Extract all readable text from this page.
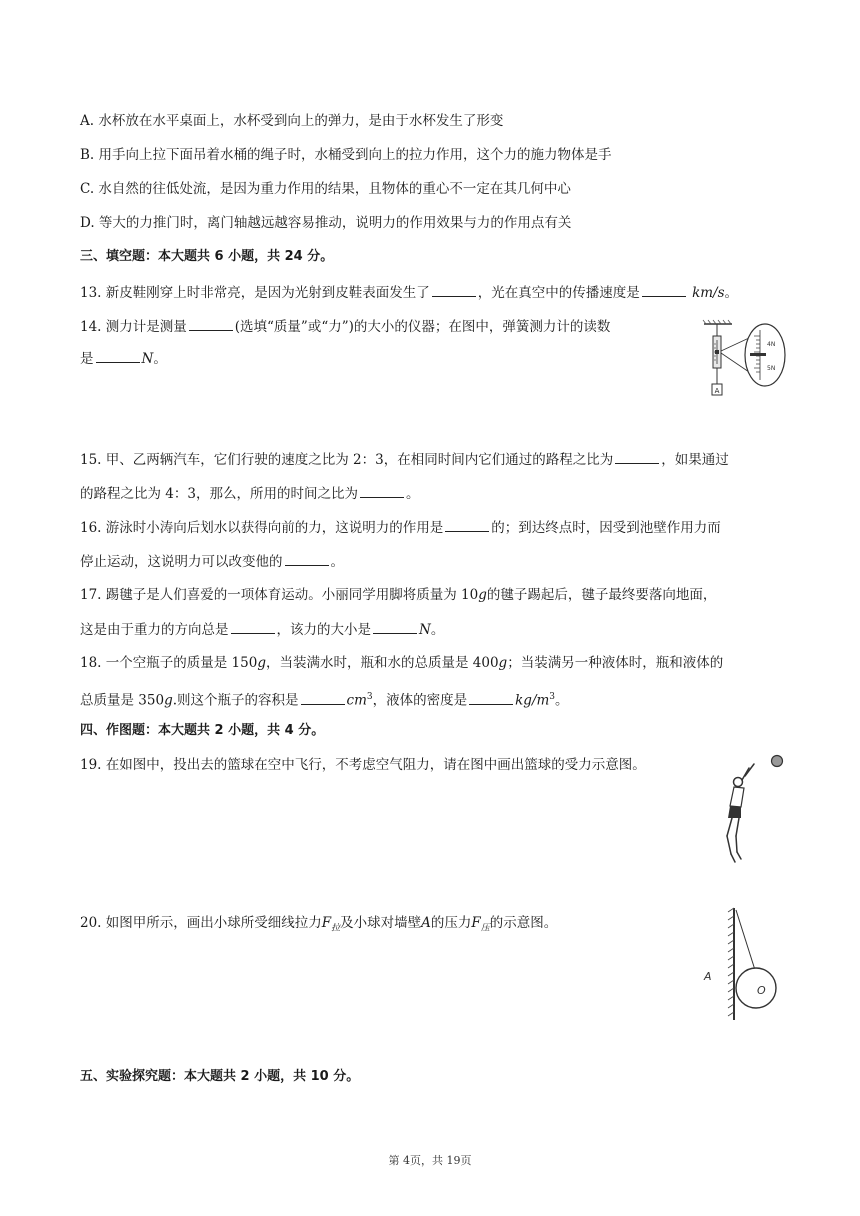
A. 水杯放在水平桌面上，水杯受到向上的弹力，是由于水杯发生了形变
B. 用手向上拉下面吊着水桶的绳子时，水桶受到向上的拉力作用，这个力的施力物体是手
C. 水自然的往低处流，是因为重力作用的结果，且物体的重心不一定在其几何中心
D. 等大的力推门时，离门轴越远越容易推动，说明力的作用效果与力的作用点有关
三、填空题：本大题共 6 小题，共 24 分。
13. 新皮鞋刚穿上时非常亮，是因为光射到皮鞋表面发生了	，光在真空中的传播速度是	km/s。
14. 测力计是测量	(选填“质量”或“力”)的大小的仪器；在图中，弹簧测力计的读数
是	N。
A
4N
5N
15. 甲、乙两辆汽车，它们行驶的速度之比为 2：3，在相同时间内它们通过的路程之比为	，如果通过
的路程之比为 4：3，那么，所用的时间之比为	。
16. 游泳时小涛向后划水以获得向前的力，这说明力的作用是	的；到达终点时，因受到池壁作用力而
停止运动，这说明力可以改变他的	。
17. 踢毽子是人们喜爱的一项体育运动。小丽同学用脚将质量为 10g的毽子踢起后，毽子最终要落向地面，
这是由于重力的方向总是	，该力的大小是	N。
18. 一个空瓶子的质量是 150g，当装满水时，瓶和水的总质量是 400g；当装满另一种液体时，瓶和液体的
总质量是 350g.则这个瓶子的容积是	$cm^3$，液体的密度是	$kg/m^3$。
四、作图题：本大题共 2 小题，共 4 分。
19. 在如图中，投出去的篮球在空中飞行，不考虑空气阻力，请在图中画出篮球的受力示意图。
20. 如图甲所示，画出小球所受细线拉力$F_拉$及小球对墙壁A的压力$F_压$的示意图。
A
O
五、实验探究题：本大题共 2 小题，共 10 分。
第 4页，共 19页
